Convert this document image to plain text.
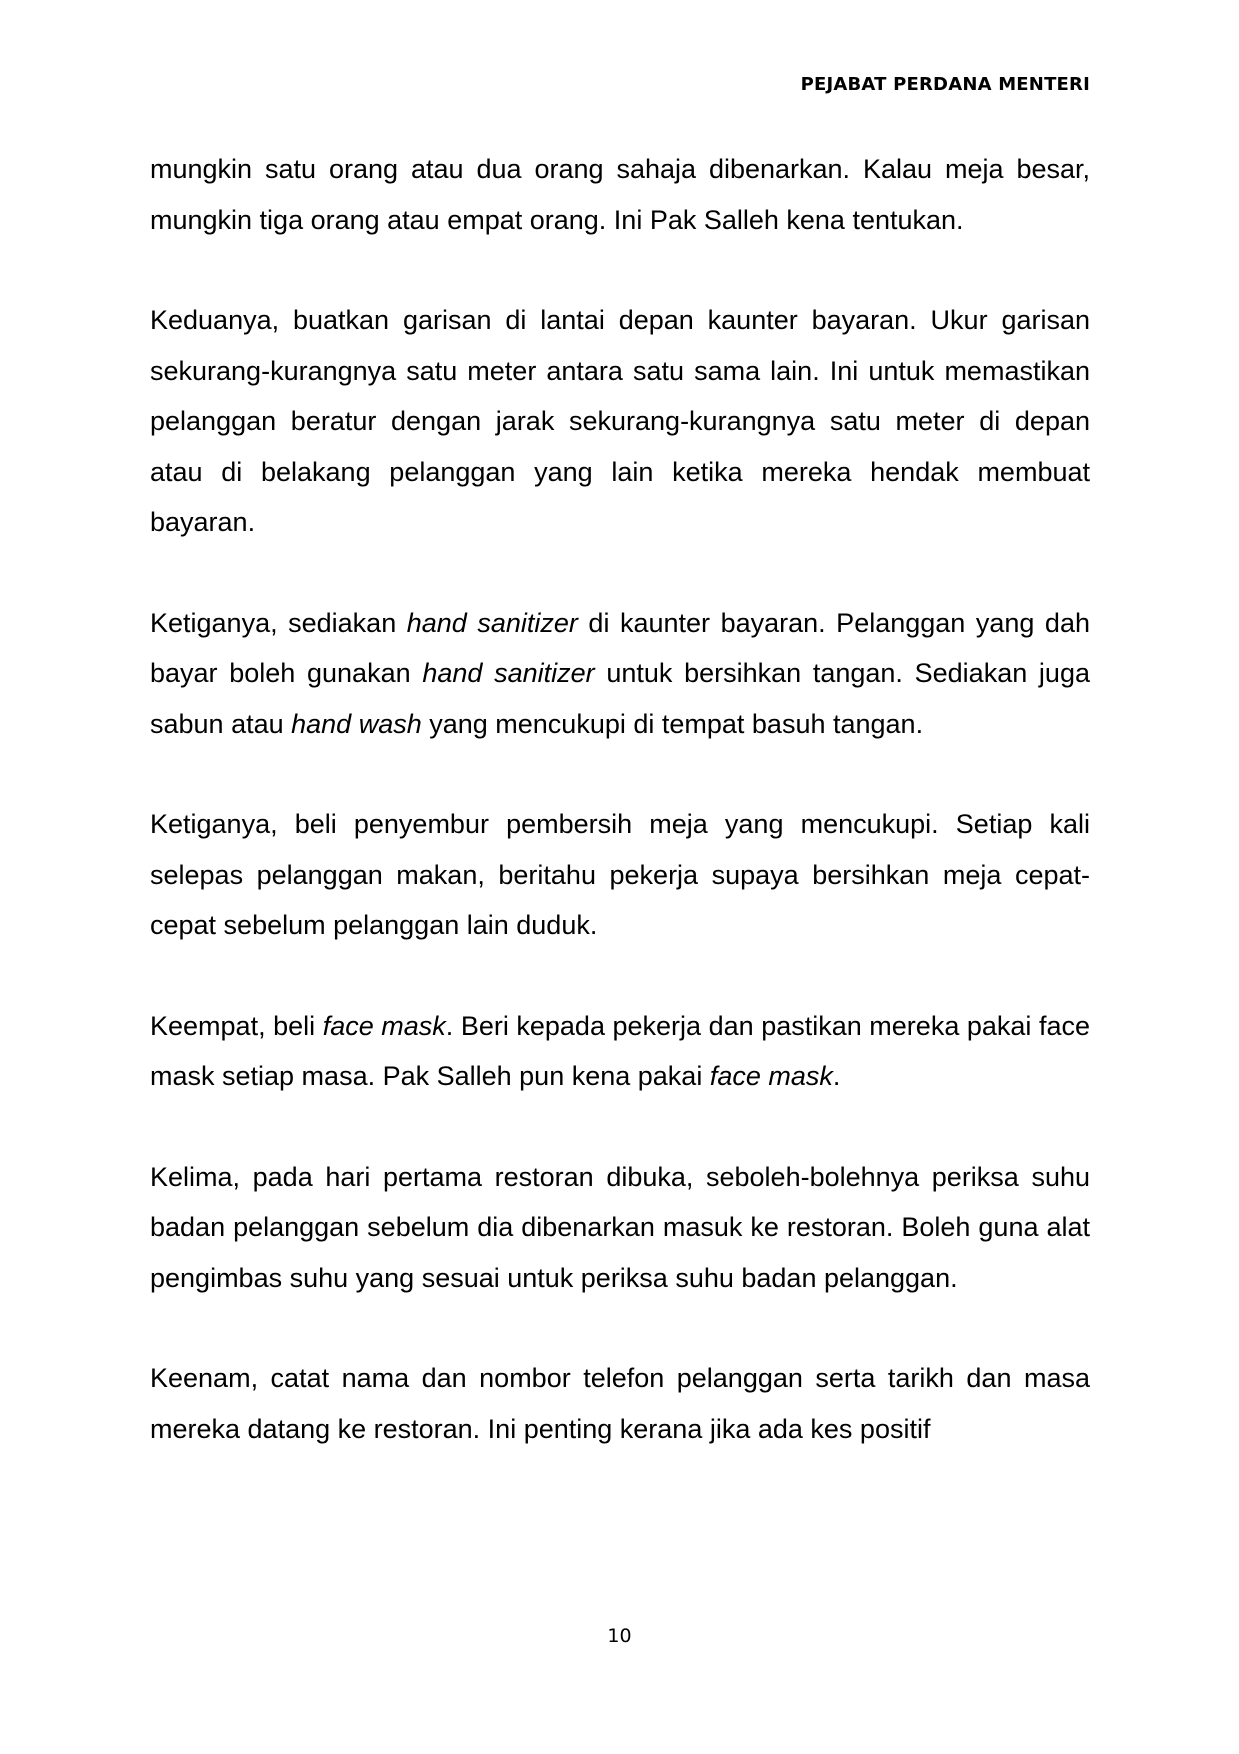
PEJABAT PERDANA MENTERI

mungkin satu orang atau dua orang sahaja dibenarkan. Kalau meja besar, mungkin tiga orang atau empat orang. Ini Pak Salleh kena tentukan.

Keduanya, buatkan garisan di lantai depan kaunter bayaran. Ukur garisan sekurang-kurangnya satu meter antara satu sama lain. Ini untuk memastikan pelanggan beratur dengan jarak sekurang-kurangnya satu meter di depan atau di belakang pelanggan yang lain ketika mereka hendak membuat bayaran.

Ketiganya, sediakan hand sanitizer di kaunter bayaran. Pelanggan yang dah bayar boleh gunakan hand sanitizer untuk bersihkan tangan. Sediakan juga sabun atau hand wash yang mencukupi di tempat basuh tangan.

Ketiganya, beli penyembur pembersih meja yang mencukupi. Setiap kali selepas pelanggan makan, beritahu pekerja supaya bersihkan meja cepat-cepat sebelum pelanggan lain duduk.

Keempat, beli face mask. Beri kepada pekerja dan pastikan mereka pakai face mask setiap masa. Pak Salleh pun kena pakai face mask.

Kelima, pada hari pertama restoran dibuka, seboleh-bolehnya periksa suhu badan pelanggan sebelum dia dibenarkan masuk ke restoran. Boleh guna alat pengimbas suhu yang sesuai untuk periksa suhu badan pelanggan.

Keenam, catat nama dan nombor telefon pelanggan serta tarikh dan masa mereka datang ke restoran. Ini penting kerana jika ada kes positif

10
